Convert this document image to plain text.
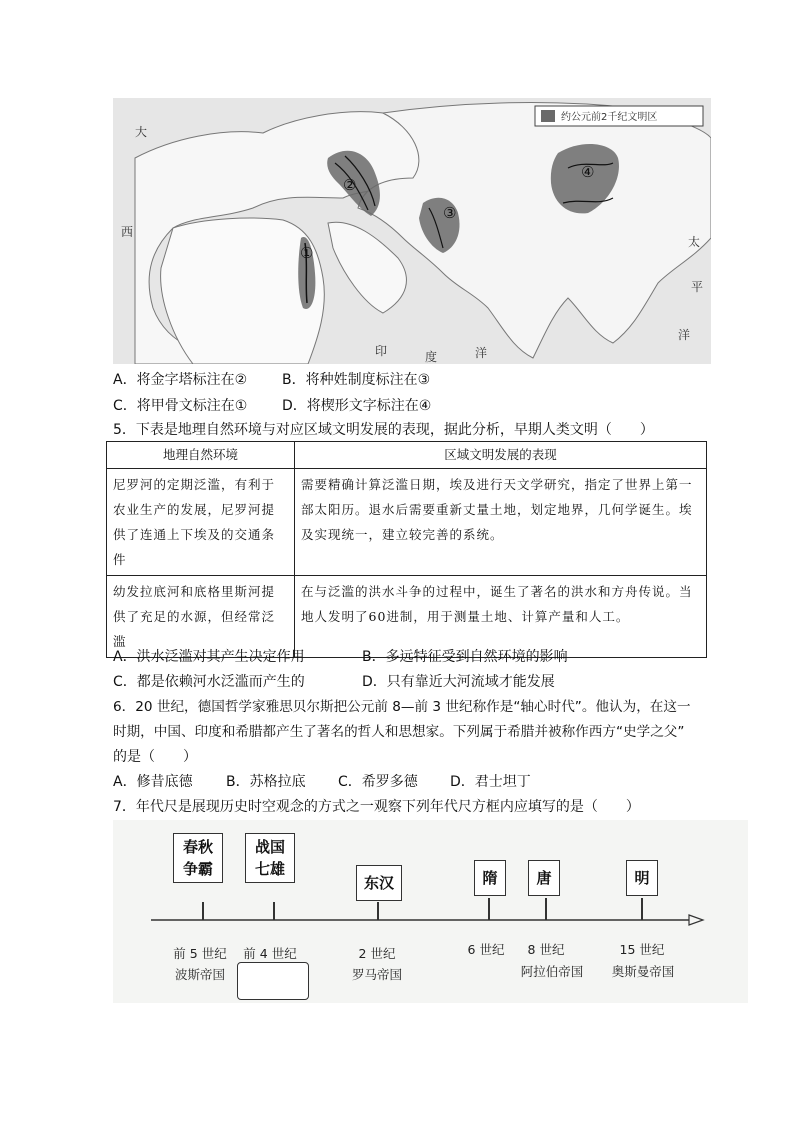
约公元前2千纪文明区
大
西
太
平
洋
印	度	洋
①
②
③
④
A．将金字塔标注在② B．将种姓制度标注在③
C．将甲骨文标注在① D．将楔形文字标注在④
5．下表是地理自然环境与对应区域文明发展的表现，据此分析，早期人类文明（　　）
地理自然环境	区域文明发展的表现
尼罗河的定期泛滥，有利于农业生产的发展，尼罗河提供了连通上下埃及的交通条件	需要精确计算泛滥日期，埃及进行天文学研究，指定了世界上第一部太阳历。退水后需要重新丈量土地，划定地界，几何学诞生。埃及实现统一，建立较完善的系统。
幼发拉底河和底格里斯河提供了充足的水源，但经常泛滥	在与泛滥的洪水斗争的过程中，诞生了著名的洪水和方舟传说。当地人发明了60进制，用于测量土地、计算产量和人工。
A．洪水泛滥对其产生决定作用	B．多远特征受到自然环境的影响
C．都是依赖河水泛滥而产生的	D．只有靠近大河流域才能发展
6．20 世纪，德国哲学家雅思贝尔斯把公元前 8—前 3 世纪称作是“轴心时代”。他认为，在这一
时期，中国、印度和希腊都产生了著名的哲人和思想家。下列属于希腊并被称作西方“史学之父”
的是（　　）
A．修昔底德 B．苏格拉底 C．希罗多德 D．君士坦丁
7．年代尺是展现历史时空观念的方式之一观察下列年代尺方框内应填写的是（　　）
春秋
争霸
战国
七雄
东汉	隋	唐	明
前 5 世纪
波斯帝国
前 4 世纪	2 世纪
罗马帝国
6 世纪	8 世纪
阿拉伯帝国
15 世纪
奥斯曼帝国
